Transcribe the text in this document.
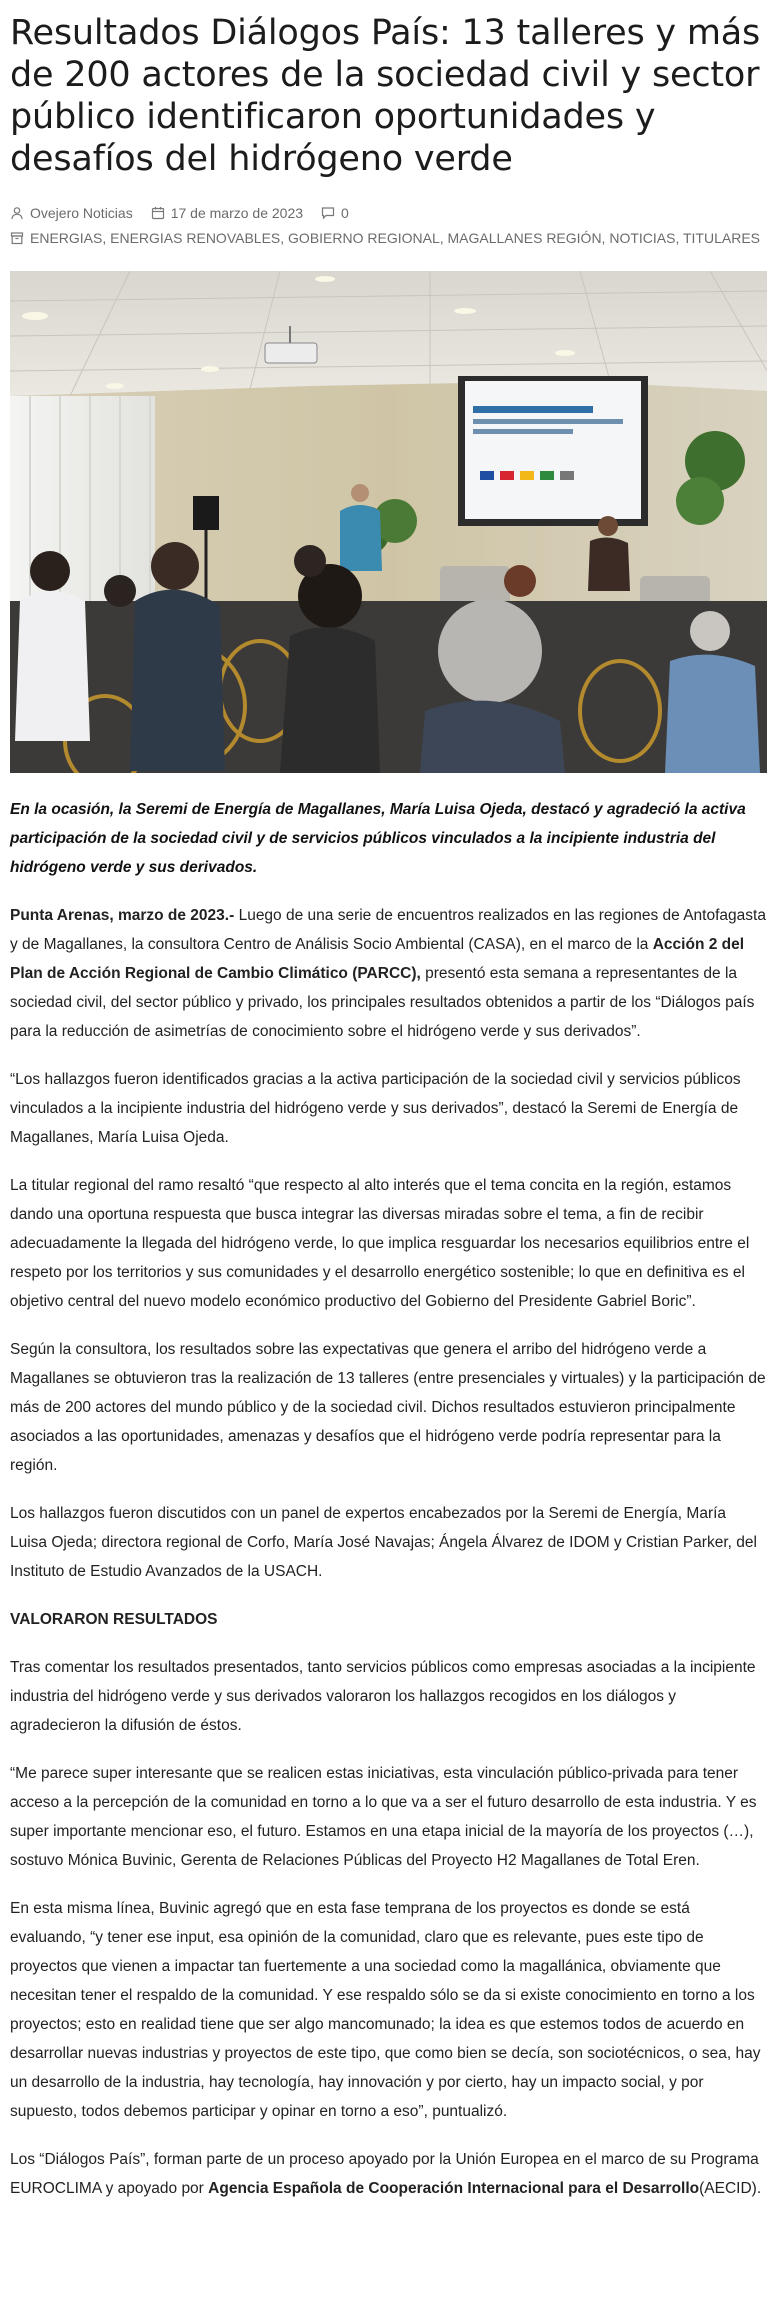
Resultados Diálogos País: 13 talleres y más de 200 actores de la sociedad civil y sector público identificaron oportunidades y desafíos del hidrógeno verde
Ovejero Noticias	17 de marzo de 2023	0
ENERGIAS, ENERGIAS RENOVABLES, GOBIERNO REGIONAL, MAGALLANES REGIÓN, NOTICIAS, TITULARES

En la ocasión, la Seremi de Energía de Magallanes, María Luisa Ojeda, destacó y agradeció la activa participación de la sociedad civil y de servicios públicos vinculados a la incipiente industria del hidrógeno verde y sus derivados.

Punta Arenas, marzo de 2023.- Luego de una serie de encuentros realizados en las regiones de Antofagasta y de Magallanes, la consultora Centro de Análisis Socio Ambiental (CASA), en el marco de la Acción 2 del Plan de Acción Regional de Cambio Climático (PARCC), presentó esta semana a representantes de la sociedad civil, del sector público y privado, los principales resultados obtenidos a partir de los “Diálogos país para la reducción de asimetrías de conocimiento sobre el hidrógeno verde y sus derivados”.

“Los hallazgos fueron identificados gracias a la activa participación de la sociedad civil y servicios públicos vinculados a la incipiente industria del hidrógeno verde y sus derivados”, destacó la Seremi de Energía de Magallanes, María Luisa Ojeda.

La titular regional del ramo resaltó “que respecto al alto interés que el tema concita en la región, estamos dando una oportuna respuesta que busca integrar las diversas miradas sobre el tema, a fin de recibir adecuadamente la llegada del hidrógeno verde, lo que implica resguardar los necesarios equilibrios entre el respeto por los territorios y sus comunidades y el desarrollo energético sostenible; lo que en definitiva es el objetivo central del nuevo modelo económico productivo del Gobierno del Presidente Gabriel Boric”.

Según la consultora, los resultados sobre las expectativas que genera el arribo del hidrógeno verde a Magallanes se obtuvieron tras la realización de 13 talleres (entre presenciales y virtuales) y la participación de más de 200 actores del mundo público y de la sociedad civil. Dichos resultados estuvieron principalmente asociados a las oportunidades, amenazas y desafíos que el hidrógeno verde podría representar para la región.

Los hallazgos fueron discutidos con un panel de expertos encabezados por la Seremi de Energía, María Luisa Ojeda; directora regional de Corfo, María José Navajas; Ángela Álvarez de IDOM y Cristian Parker, del Instituto de Estudio Avanzados de la USACH.

VALORARON RESULTADOS

Tras comentar los resultados presentados, tanto servicios públicos como empresas asociadas a la incipiente industria del hidrógeno verde y sus derivados valoraron los hallazgos recogidos en los diálogos y agradecieron la difusión de éstos.

“Me parece super interesante que se realicen estas iniciativas, esta vinculación público-privada para tener acceso a la percepción de la comunidad en torno a lo que va a ser el futuro desarrollo de esta industria. Y es super importante mencionar eso, el futuro. Estamos en una etapa inicial de la mayoría de los proyectos (…), sostuvo Mónica Buvinic, Gerenta de Relaciones Públicas del Proyecto H2 Magallanes de Total Eren.

En esta misma línea, Buvinic agregó que en esta fase temprana de los proyectos es donde se está evaluando, “y tener ese input, esa opinión de la comunidad, claro que es relevante, pues este tipo de proyectos que vienen a impactar tan fuertemente a una sociedad como la magallánica, obviamente que necesitan tener el respaldo de la comunidad. Y ese respaldo sólo se da si existe conocimiento en torno a los proyectos; esto en realidad tiene que ser algo mancomunado; la idea es que estemos todos de acuerdo en desarrollar nuevas industrias y proyectos de este tipo, que como bien se decía, son sociotécnicos, o sea, hay un desarrollo de la industria, hay tecnología, hay innovación y por cierto, hay un impacto social, y por supuesto, todos debemos participar y opinar en torno a eso”, puntualizó.

Los “Diálogos País”, forman parte de un proceso apoyado por la Unión Europea en el marco de su Programa EUROCLIMA y apoyado por Agencia Española de Cooperación Internacional para el Desarrollo(AECID).
